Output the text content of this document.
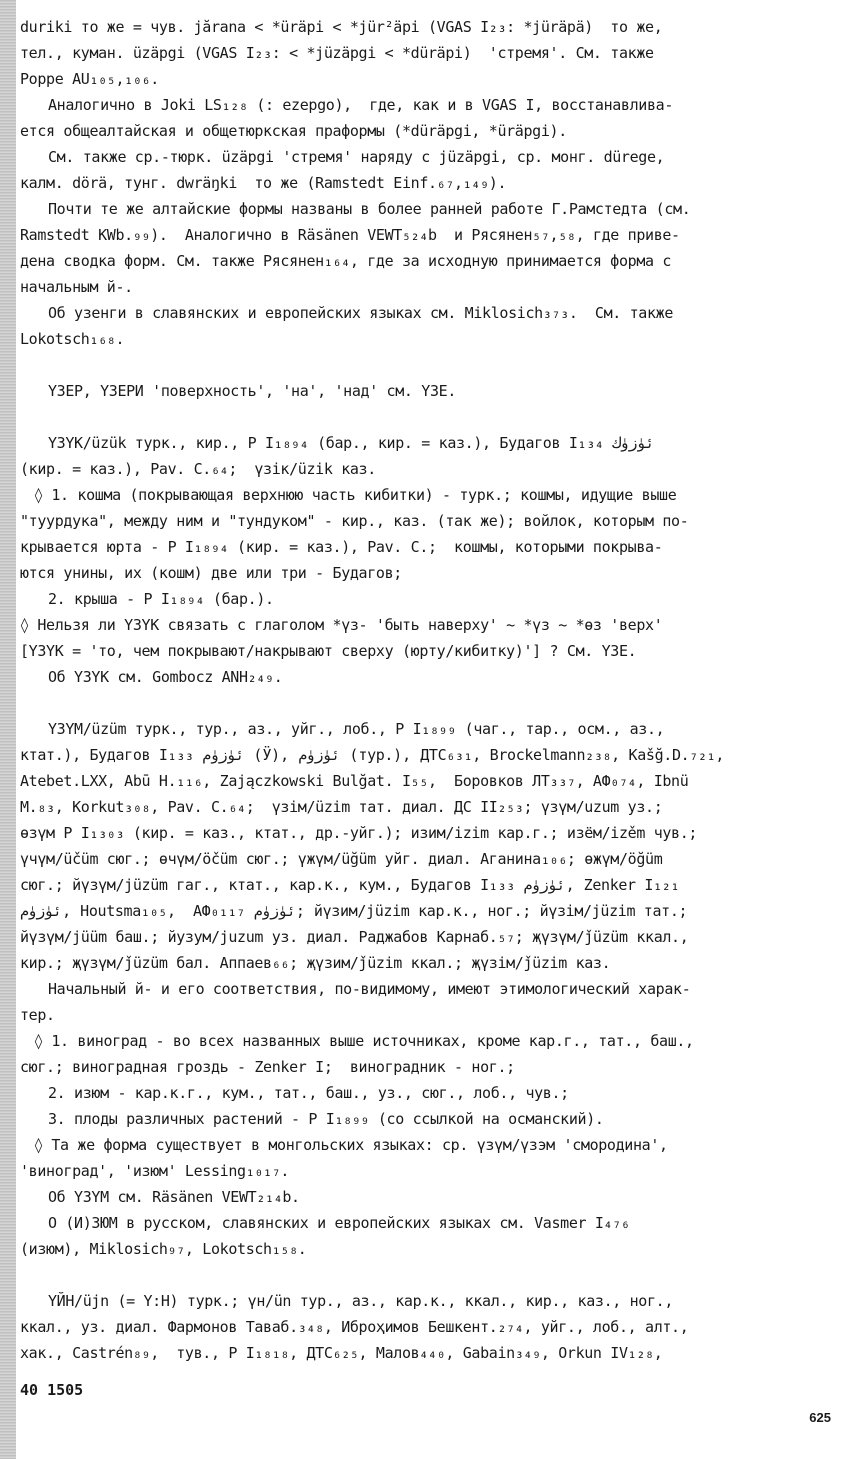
durikі то же = чув. jărana < *üräpi < *jür²äpi (VGAS I₂₃: *jüräpä)  то же,
тел., куман. üzäpgi (VGAS I₂₃: < *jüzäpgi < *düräpi)  'стремя'. См. также
Poppe AU₁₀₅,₁₀₆.
Аналогично в Joki LS₁₂₈ (: ezepgo),  где, как и в VGAS I, восстанавлива-
ется общеалтайская и общетюркская праформы (*düräpgi, *üräpgi).
См. также ср.-тюрк. üzäpgi 'стремя' наряду с jüzäpgi, ср. монг. dürege,
калм. dörä, тунг. dwräŋki  то же (Ramstedt Einf.₆₇,₁₄₉).
Почти те же алтайские формы названы в более ранней работе Г.Рамстедта (см.
Ramstedt KWb.₉₉).  Аналогично в Räsänen VEWT₅₂₄b  и Рясянен₅₇,₅₈, где приве-
дена сводка форм. См. также Рясянен₁₆₄, где за исходную принимается форма с
начальным й-.
Об узенги в славянских и европейских языках см. Miklosich₃₇₃.  См. также
Lokotsch₁₆₈.
ҮЗЕР, ҮЗЕРИ 'поверхность', 'на', 'над' см. ҮЗЕ.
ҮЗҮК/üzük турк., кир., Р I₁₈₉₄ (бар., кир. = каз.), Будагов I₁₃₄ ئۈزۈك
(кир. = каз.), Pav. C.₆₄;  үзік/üzik каз.
◊ 1. кошма (покрывающая верхнюю часть кибитки) - турк.; кошмы, идущие выше
"туурдука", между ним и "тундуком" - кир., каз. (так же); войлок, которым по-
крывается юрта - Р I₁₈₉₄ (кир. = каз.), Pav. C.;  кошмы, которыми покрыва-
ются унины, их (кошм) две или три - Будагов;
2. крыша - Р I₁₈₉₄ (бар.).
◊ Нельзя ли ҮЗҮК связать с глаголом *үз- 'быть наверху' ~ *үз ~ *өз 'верх'
[ҮЗҮК = 'то, чем покрывают/накрывают сверху (юрту/кибитку)'] ? См. ҮЗЕ.
Об ҮЗҮК см. Gombocz ANH₂₄₉.
ҮЗҮМ/üzüm турк., тур., аз., уйг., лоб., Р I₁₈₉₉ (чаг., тар., осм., аз.,
ктат.), Будагов I₁₃₃ ئۈزۈم (Ӱ), ئۈزۈم (тур.), ДТС₆₃₁, Brockelmann₂₃₈, Kašğ.D.₇₂₁,
Atebet.LXX, Abū H.₁₁₆, Zajączkowski Bulğat. I₅₅,  Боровков ЛТ₃₃₇, АФ₀₇₄, Ibnü
M.₈₃, Korkut₃₀₈, Pav. C.₆₄;  үзім/üzim тат. диал. ДС II₂₅₃; үзүм/uzum уз.;
өзүм Р I₁₃₀₃ (кир. = каз., ктат., др.-уйг.); изим/izim кар.г.; изём/izěm чув.;
үчүм/üčüm сюг.; өчүм/öčüm сюг.; үжүм/üğüm уйг. диал. Аганина₁₀₆; өжүм/öğüm
сюг.; йүзүм/jüzüm гаг., ктат., кар.к., кум., Будагов I₁₃₃ ئۈزۈم, Zenker I₁₂₁
ئۈزۈم, Houtsma₁₀₅,  АФ₀₁₁₇ ئۈزۈم; йүзим/jüzim кар.к., ног.; йүзім/jüzim тат.;
йүзүм/jüüm баш.; йузум/juzum уз. диал. Раджабов Карнаб.₅₇; җүзүм/ǰüzüm ккал.,
кир.; җүзүм/ǰüzüm бал. Аппаев₆₆; җүзим/ǰüzim ккал.; җүзім/ǰüzim каз.
Начальный й- и его соответствия, по-видимому, имеют этимологический харак-
тер.
◊ 1. виноград - во всех названных выше источниках, кроме кар.г., тат., баш.,
сюг.; виноградная гроздь - Zenker I;  виноградник - ног.;
2. изюм - кар.к.г., кум., тат., баш., уз., сюг., лоб., чув.;
3. плоды различных растений - Р I₁₈₉₉ (со ссылкой на османский).
◊ Та же форма существует в монгольских языках: ср. үзүм/үзэм 'смородина',
'виноград', 'изюм' Lessing₁₀₁₇.
Об ҮЗҮМ см. Räsänen VEWT₂₁₄b.
О (И)ЗЮМ в русском, славянских и европейских языках см. Vasmer I₄₇₆
(изюм), Miklosich₉₇, Lokotsch₁₅₈.
ҮЙН/üjn (= Ү:Н) турк.; үн/ün тур., аз., кар.к., ккал., кир., каз., ног.,
ккал., уз. диал. Фармонов Таваб.₃₄₈, Иброҳимов Бешкент.₂₇₄, уйг., лоб., алт.,
хак., Castrén₈₉,  тув., Р I₁₈₁₈, ДТС₆₂₅, Малов₄₄₀, Gabain₃₄₉, Orkun IV₁₂₈,
40 1505
625
